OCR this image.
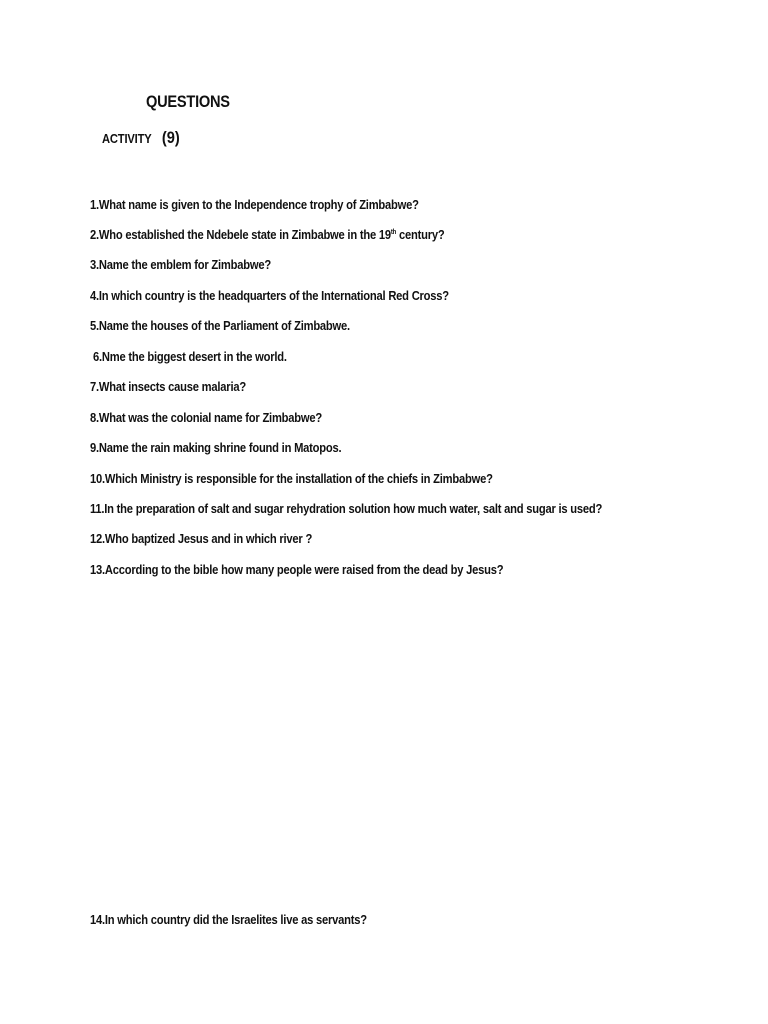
QUESTIONS
ACTIVITY (9)

1.What name is given to the Independence trophy of Zimbabwe?

2.Who established the Ndebele state in Zimbabwe in the 19th century?

3.Name the emblem for Zimbabwe?

4.In which country is the headquarters of the International Red Cross?

5.Name the houses of the Parliament of Zimbabwe.

6.Nme the biggest desert in the world.

7.What insects cause malaria?

8.What was the colonial name for Zimbabwe?

9.Name the rain making shrine found in Matopos.

10.Which Ministry is responsible for the installation of the chiefs in Zimbabwe?

11.In the preparation of salt and sugar rehydration solution how much water, salt and sugar is used?

12.Who baptized Jesus and in which river ?

13.According to the bible how many people were raised from the dead by Jesus?

14.In which country did the Israelites live as servants?
